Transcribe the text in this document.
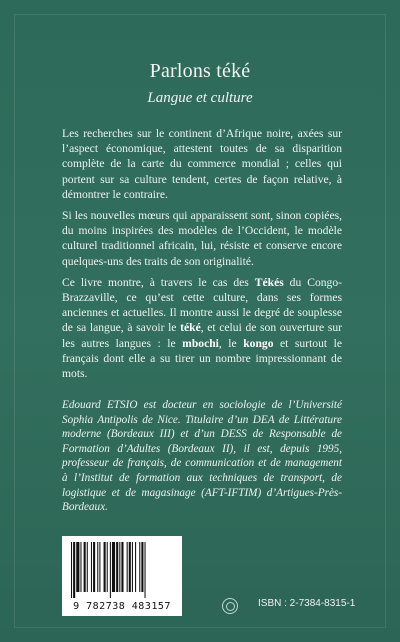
Parlons téké
Langue et culture

Les recherches sur le continent d’Afrique noire, axées sur l’aspect économique, attestent toutes de sa disparition complète de la carte du commerce mondial ; celles qui portent sur sa culture tendent, certes de façon relative, à démontrer le contraire.

Si les nouvelles mœurs qui apparaissent sont, sinon copiées, du moins inspirées des modèles de l’Occident, le modèle culturel traditionnel africain, lui, résiste et conserve encore quelques-uns des traits de son originalité.

Ce livre montre, à travers le cas des Tékés du Congo-Brazzaville, ce qu’est cette culture, dans ses formes anciennes et actuelles. Il montre aussi le degré de souplesse de sa langue, à savoir le téké, et celui de son ouverture sur les autres langues : le mbochi, le kongo et surtout le français dont elle a su tirer un nombre impressionnant de mots.

Edouard ETSIO est docteur en sociologie de l’Université Sophia Antipolis de Nice. Titulaire d’un DEA de Littérature moderne (Bordeaux III) et d’un DESS de Responsable de Formation d’Adultes (Bordeaux II), il est, depuis 1995, professeur de français, de communication et de management à l’Institut de formation aux techniques de transport, de logistique et de magasinage (AFT-IFTIM) d’Artigues-Près-Bordeaux.
9 782738 483157	ISBN : 2-7384-8315-1
